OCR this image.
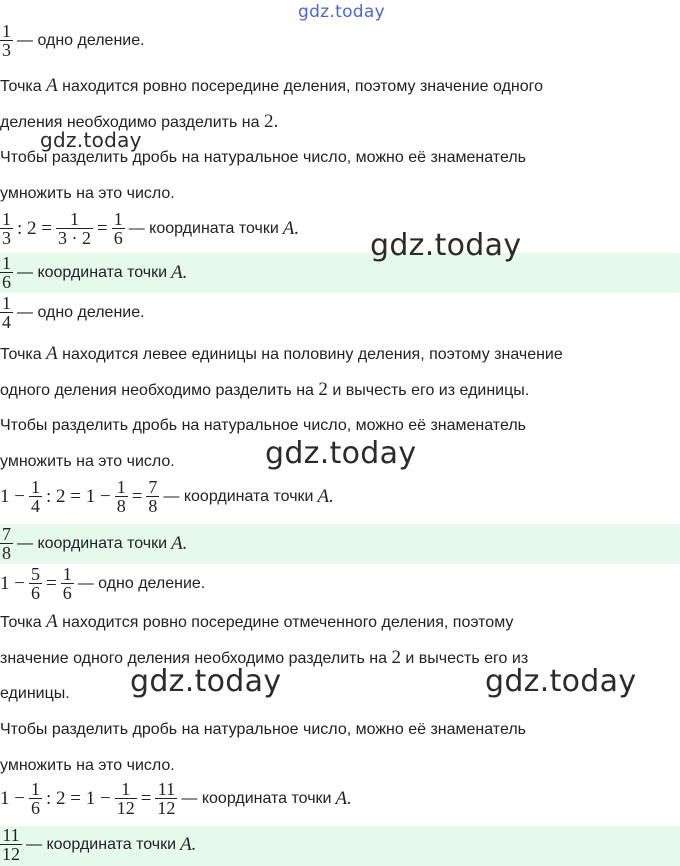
gdz.today
$\frac{1}{3}$ — одно деление.
Точка A находится ровно посередине деления, поэтому значение одного
деления необходимо разделить на 2.
gdz.today
Чтобы разделить дробь на натуральное число, можно её знаменатель
умножить на это число.
$\frac{1}{3}$ : $2 = \frac{1}{3 \cdot 2} = \frac{1}{6}$ — координата точки A. gdz.today
$\frac{1}{6}$ — координата точки A.
$\frac{1}{4}$ — одно деление.
Точка A находится левее единицы на половину деления, поэтому значение
одного деления необходимо разделить на 2 и вычесть его из единицы.
Чтобы разделить дробь на натуральное число, можно её знаменатель
умножить на это число.	gdz.today
$1 - \frac{1}{4}$ : $2 = 1 - \frac{1}{8} = \frac{7}{8}$ — координата точки A.
$\frac{7}{8}$ — координата точки A.
$1 - \frac{5}{6} = \frac{1}{6}$ — одно деление.
Точка A находится ровно посередине отмеченного деления, поэтому
значение одного деления необходимо разделить на 2 и вычесть его из
единицы. gdz.today	gdz.today
Чтобы разделить дробь на натуральное число, можно её знаменатель
умножить на это число.
$1 - \frac{1}{6}$ : $2 = 1 - \frac{1}{12} = \frac{11}{12}$ — координата точки A.
$\frac{11}{12}$ — координата точки A.
